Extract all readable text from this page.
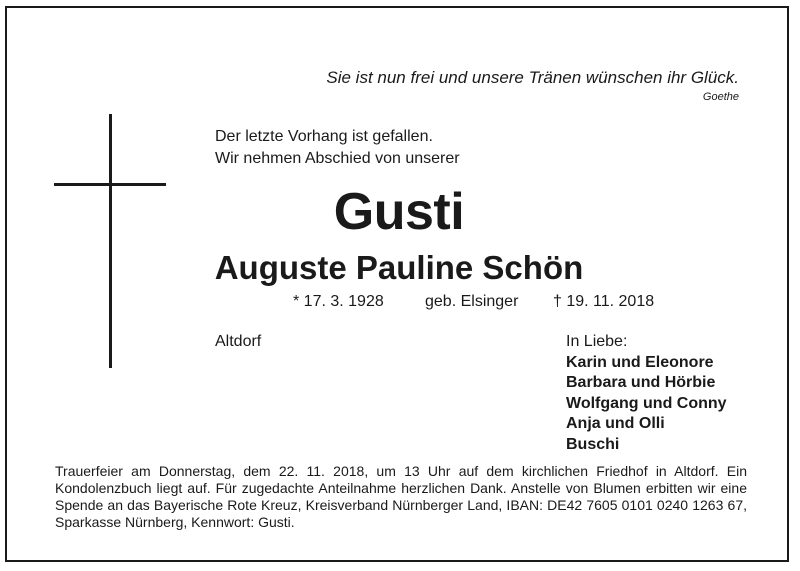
Sie ist nun frei und unsere Tränen wünschen ihr Glück.
Goethe
Der letzte Vorhang ist gefallen.
Wir nehmen Abschied von unserer
Gusti
Auguste Pauline Schön
* 17. 3. 1928	geb. Elsinger † 19. 11. 2018
Altdorf	In Liebe:
Karin und Eleonore
Barbara und Hörbie
Wolfgang und Conny
Anja und Olli
Buschi
Trauerfeier am Donnerstag, dem 22. 11. 2018, um 13 Uhr auf dem kirchlichen Friedhof in Altdorf. Ein Kondolenzbuch liegt auf. Für zugedachte Anteilnahme herzlichen Dank. Anstelle von Blumen erbitten wir eine Spende an das Bayerische Rote Kreuz, Kreisverband Nürnberger Land, IBAN: DE42 7605 0101 0240 1263 67, Sparkasse Nürnberg, Kennwort: Gusti.
